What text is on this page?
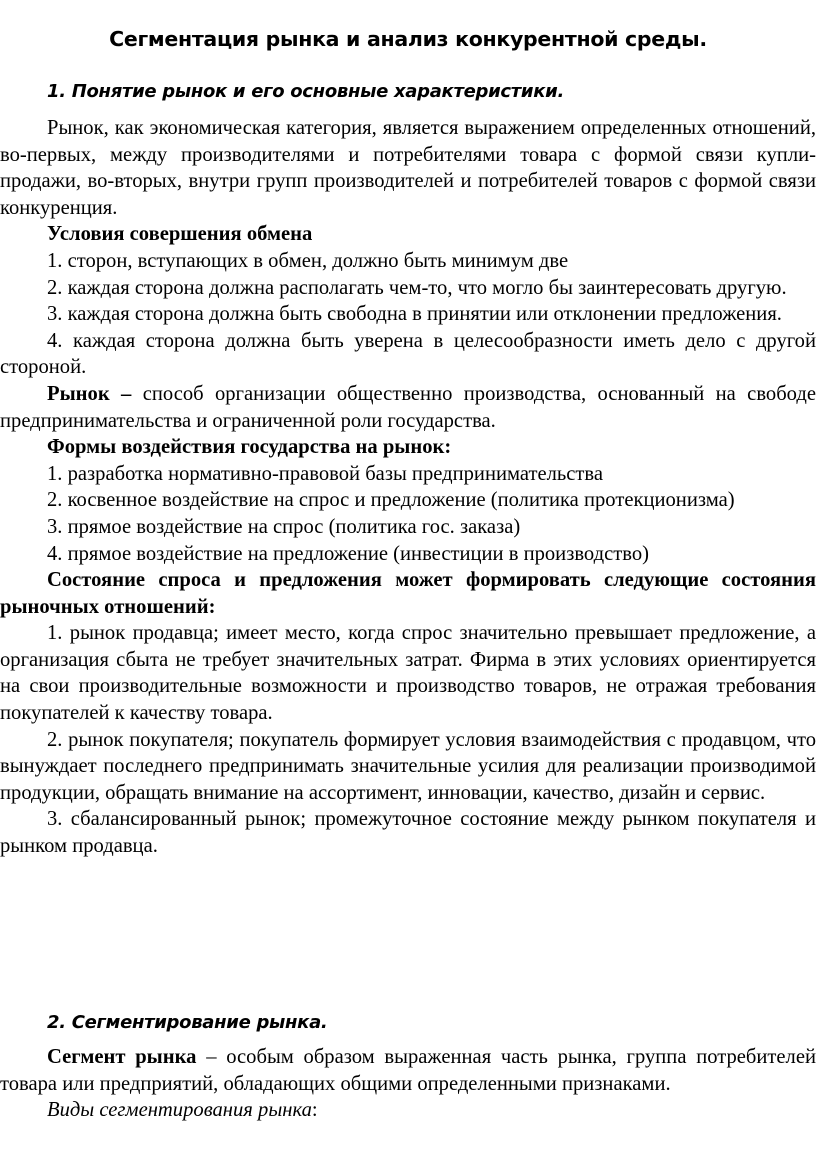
Сегментация рынка и анализ конкурентной среды.
1. Понятие рынок и его основные характеристики.

Рынок, как экономическая категория, является выражением определенных отношений, во-первых, между производителями и потребителями товара с формой связи купли-продажи, во-вторых, внутри групп производителей и потребителей товаров с формой связи конкуренция.

Условия совершения обмена

1. сторон, вступающих в обмен, должно быть минимум две

2. каждая сторона должна располагать чем-то, что могло бы заинтересовать другую.

3. каждая сторона должна быть свободна в принятии или отклонении предложения.

4. каждая сторона должна быть уверена в целесообразности иметь дело с другой стороной.

Рынок – способ организации общественно производства, основанный на свободе предпринимательства и ограниченной роли государства.

Формы воздействия государства на рынок:

1. разработка нормативно-правовой базы предпринимательства

2. косвенное воздействие на спрос и предложение (политика протекционизма)

3. прямое воздействие на спрос (политика гос. заказа)

4. прямое воздействие на предложение (инвестиции в производство)

Состояние спроса и предложения может формировать следующие состояния рыночных отношений:

1. рынок продавца; имеет место, когда спрос значительно превышает предложение, а организация сбыта не требует значительных затрат. Фирма в этих условиях ориентируется на свои производительные возможности и производство товаров, не отражая требования покупателей к качеству товара.

2. рынок покупателя; покупатель формирует условия взаимодействия с продавцом, что вынуждает последнего предпринимать значительные усилия для реализации производимой продукции, обращать внимание на ассортимент, инновации, качество, дизайн и сервис.

3. сбалансированный рынок; промежуточное состояние между рынком покупателя и рынком продавца.

2. Сегментирование рынка.

Сегмент рынка – особым образом выраженная часть рынка, группа потребителей товара или предприятий, обладающих общими определенными признаками.

Виды сегментирования рынка:
